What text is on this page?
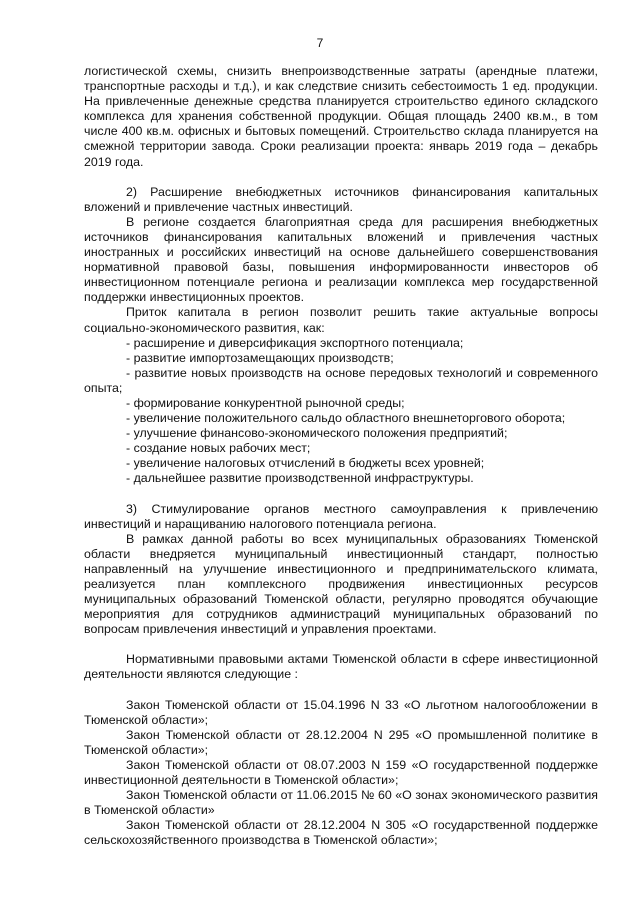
7
логистической схемы, снизить внепроизводственные затраты (арендные платежи, транспортные расходы и т.д.), и как следствие снизить себестоимость 1 ед. продукции. На привлеченные денежные средства планируется строительство единого складского комплекса для хранения собственной продукции. Общая площадь 2400 кв.м., в том числе 400 кв.м. офисных и бытовых помещений. Строительство склада планируется на смежной территории завода. Сроки реализации проекта: январь 2019 года – декабрь 2019 года.
2) Расширение внебюджетных источников финансирования капитальных вложений и привлечение частных инвестиций.
В регионе создается благоприятная среда для расширения внебюджетных источников финансирования капитальных вложений и привлечения частных иностранных и российских инвестиций на основе дальнейшего совершенствования нормативной правовой базы, повышения информированности инвесторов об инвестиционном потенциале региона и реализации комплекса мер государственной поддержки инвестиционных проектов.
Приток капитала в регион позволит решить такие актуальные вопросы социально-экономического развития, как:
- расширение и диверсификация экспортного потенциала;
- развитие импортозамещающих производств;
- развитие новых производств на основе передовых технологий и современного опыта;
- формирование конкурентной рыночной среды;
- увеличение положительного сальдо областного внешнеторгового оборота;
- улучшение финансово-экономического положения предприятий;
- создание новых рабочих мест;
- увеличение налоговых отчислений в бюджеты всех уровней;
- дальнейшее развитие производственной инфраструктуры.
3) Стимулирование органов местного самоуправления к привлечению инвестиций и наращиванию налогового потенциала региона.
В рамках данной работы во всех муниципальных образованиях Тюменской области внедряется муниципальный инвестиционный стандарт, полностью направленный на улучшение инвестиционного и предпринимательского климата, реализуется план комплексного продвижения инвестиционных ресурсов муниципальных образований Тюменской области, регулярно проводятся обучающие мероприятия для сотрудников администраций муниципальных образований по вопросам привлечения инвестиций и управления проектами.
Нормативными правовыми актами Тюменской области в сфере инвестиционной деятельности являются следующие :
Закон Тюменской области от 15.04.1996 N 33 «О льготном налогообложении в Тюменской области»;
Закон Тюменской области от 28.12.2004 N 295 «О промышленной политике в Тюменской области»;
Закон Тюменской области от 08.07.2003 N 159 «О государственной поддержке инвестиционной деятельности в Тюменской области»;
Закон Тюменской области от 11.06.2015 № 60 «О зонах экономического развития в Тюменской области»
Закон Тюменской области от 28.12.2004 N 305 «О государственной поддержке сельскохозяйственного производства в Тюменской области»;
